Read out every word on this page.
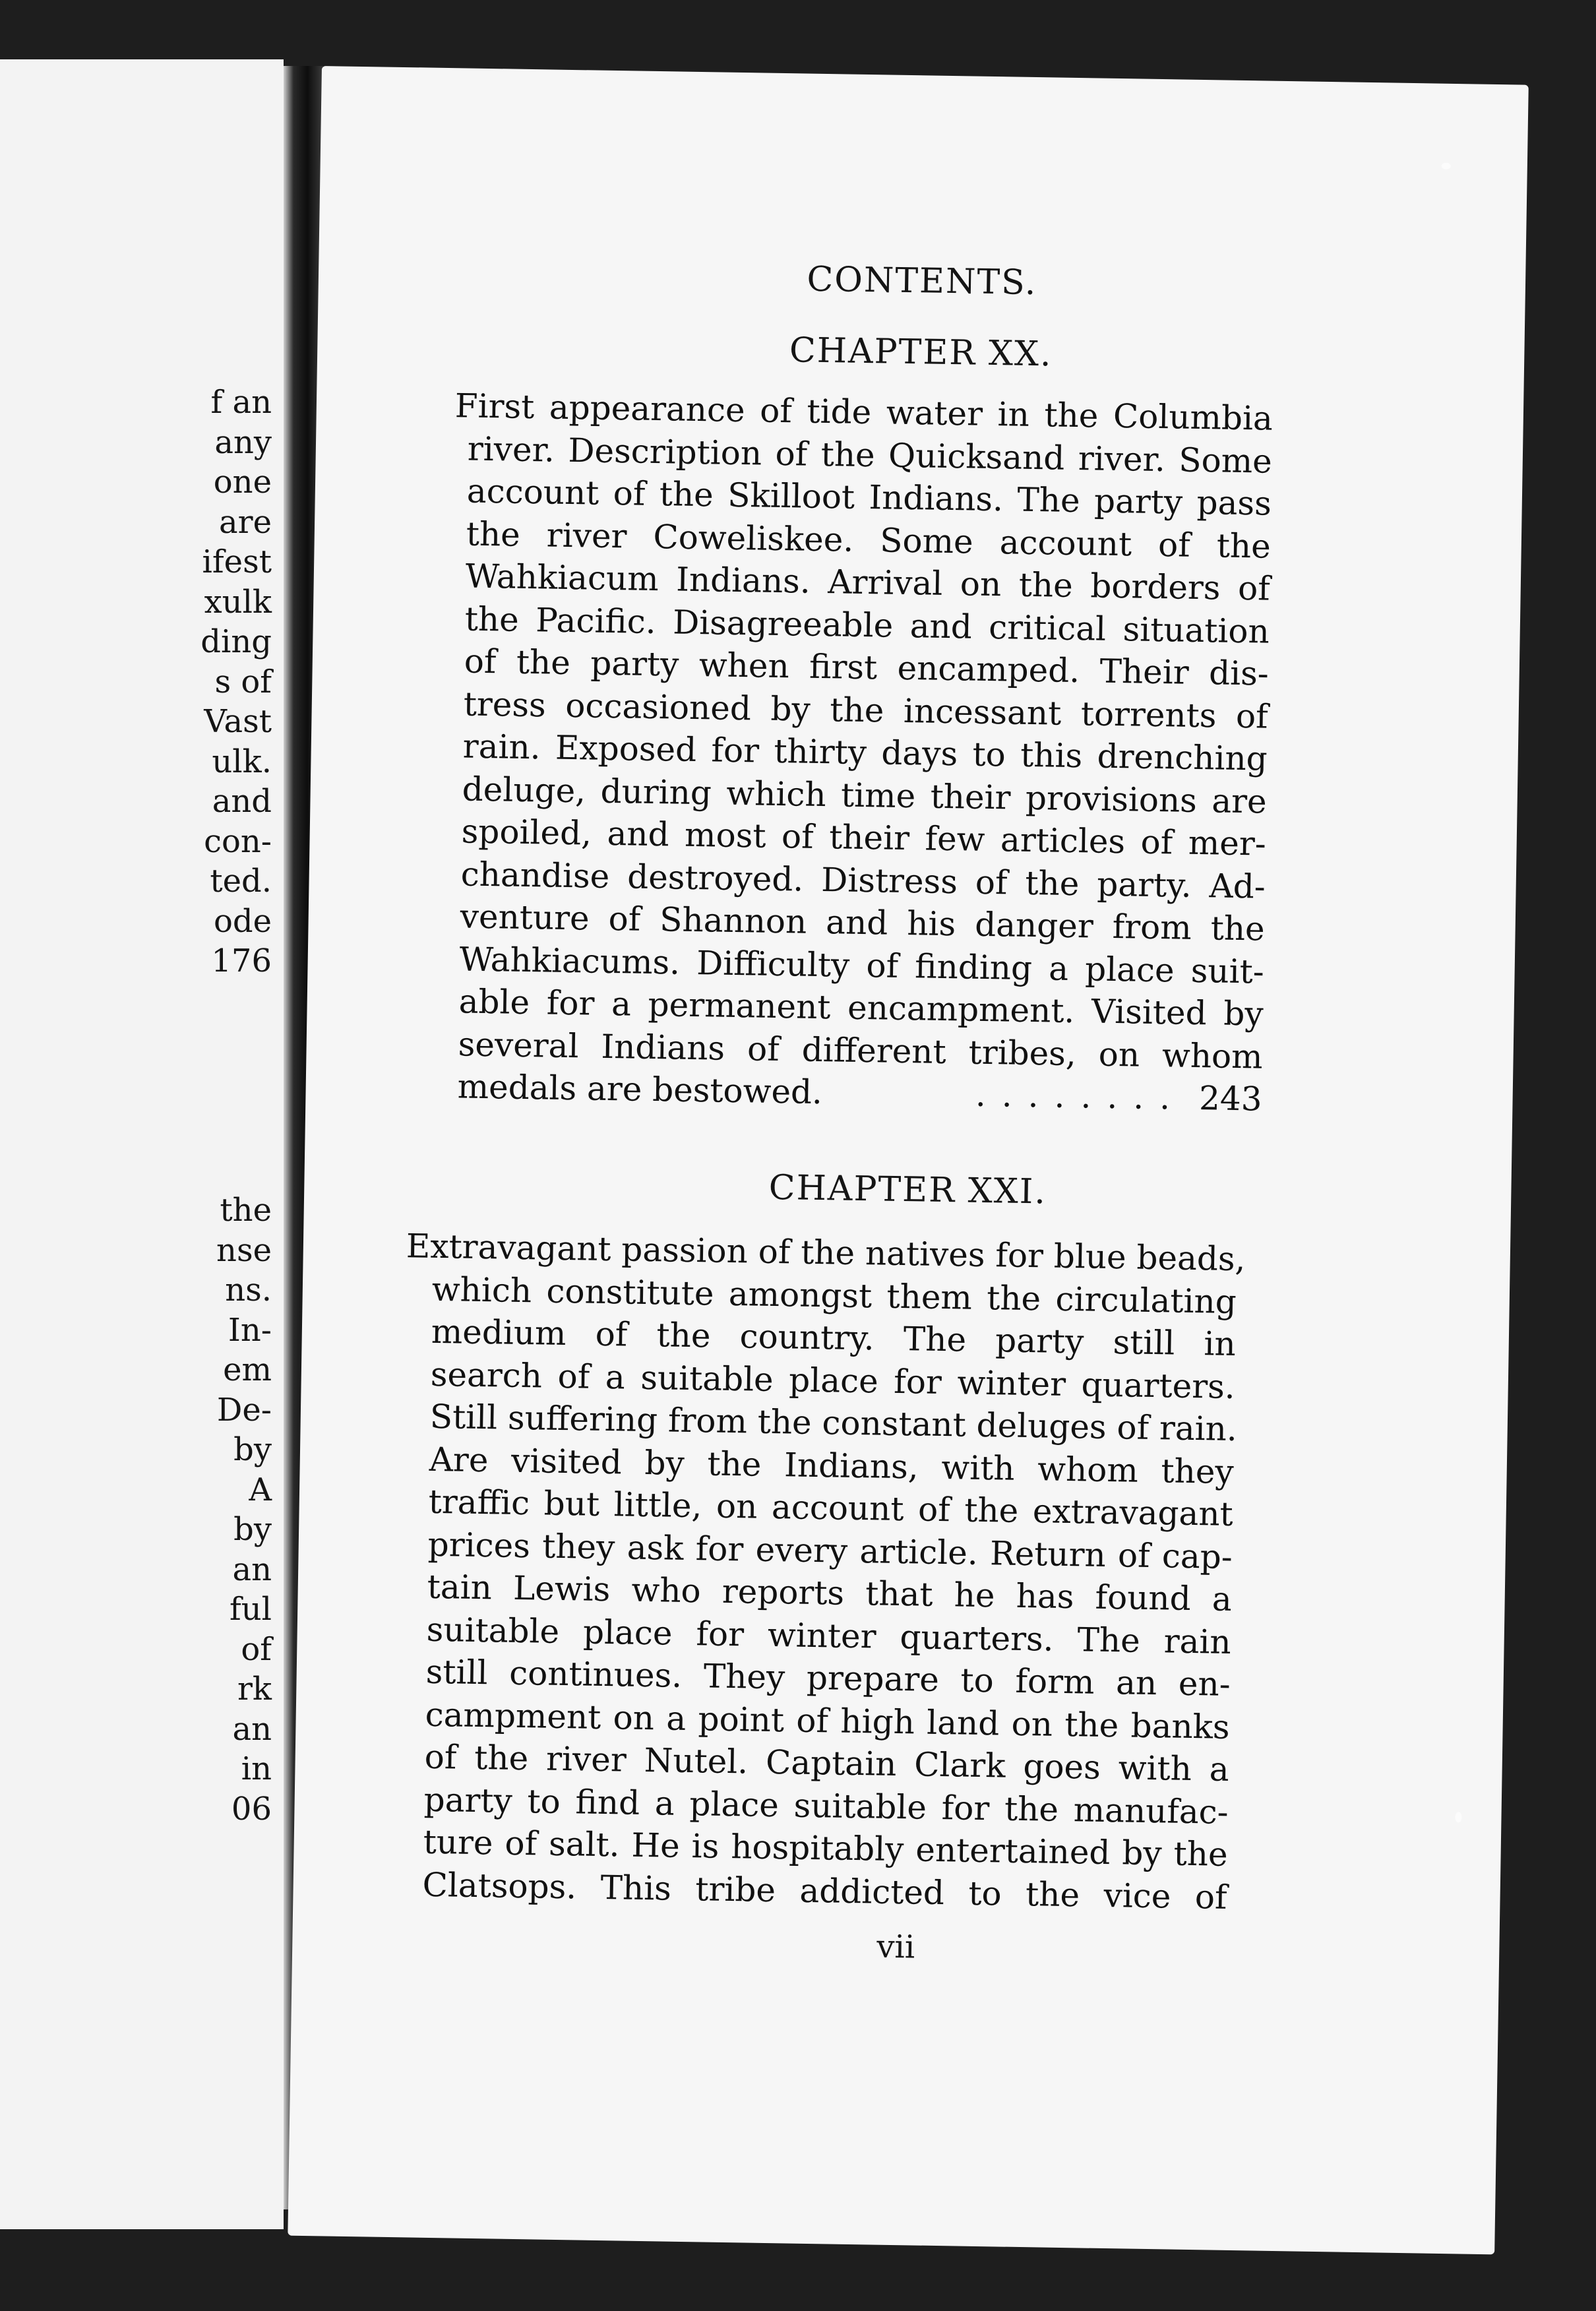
f an
any
one
are
ifest
xulk
ding
s of
Vast
ulk.
and
con-
ted.
ode
176
the
nse
ns.
In-
em
De-
by
A
by
an
ful
of
rk
an
in
06
CONTENTS.
CHAPTER XX.
First appearance of tide water in the Columbia
river. Description of the Quicksand river. Some
account of the Skilloot Indians. The party pass
the river Coweliskee. Some account of the
Wahkiacum Indians. Arrival on the borders of
the Pacific. Disagreeable and critical situation
of the party when first encamped. Their dis-
tress occasioned by the incessant torrents of
rain. Exposed for thirty days to this drenching
deluge, during which time their provisions are
spoiled, and most of their few articles of mer-
chandise destroyed. Distress of the party. Ad-
venture of Shannon and his danger from the
Wahkiacums. Difficulty of finding a place suit-
able for a permanent encampment. Visited by
several Indians of different tribes, on whom
medals are bestowed.	........ 243
CHAPTER XXI.
Extravagant passion of the natives for blue beads,
which constitute amongst them the circulating
medium of the country. The party still in
search of a suitable place for winter quarters.
Still suffering from the constant deluges of rain.
Are visited by the Indians, with whom they
traffic but little, on account of the extravagant
prices they ask for every article. Return of cap-
tain Lewis who reports that he has found a
suitable place for winter quarters. The rain
still continues. They prepare to form an en-
campment on a point of high land on the banks
of the river Nutel. Captain Clark goes with a
party to find a place suitable for the manufac-
ture of salt. He is hospitably entertained by the
Clatsops. This tribe addicted to the vice of
vii
